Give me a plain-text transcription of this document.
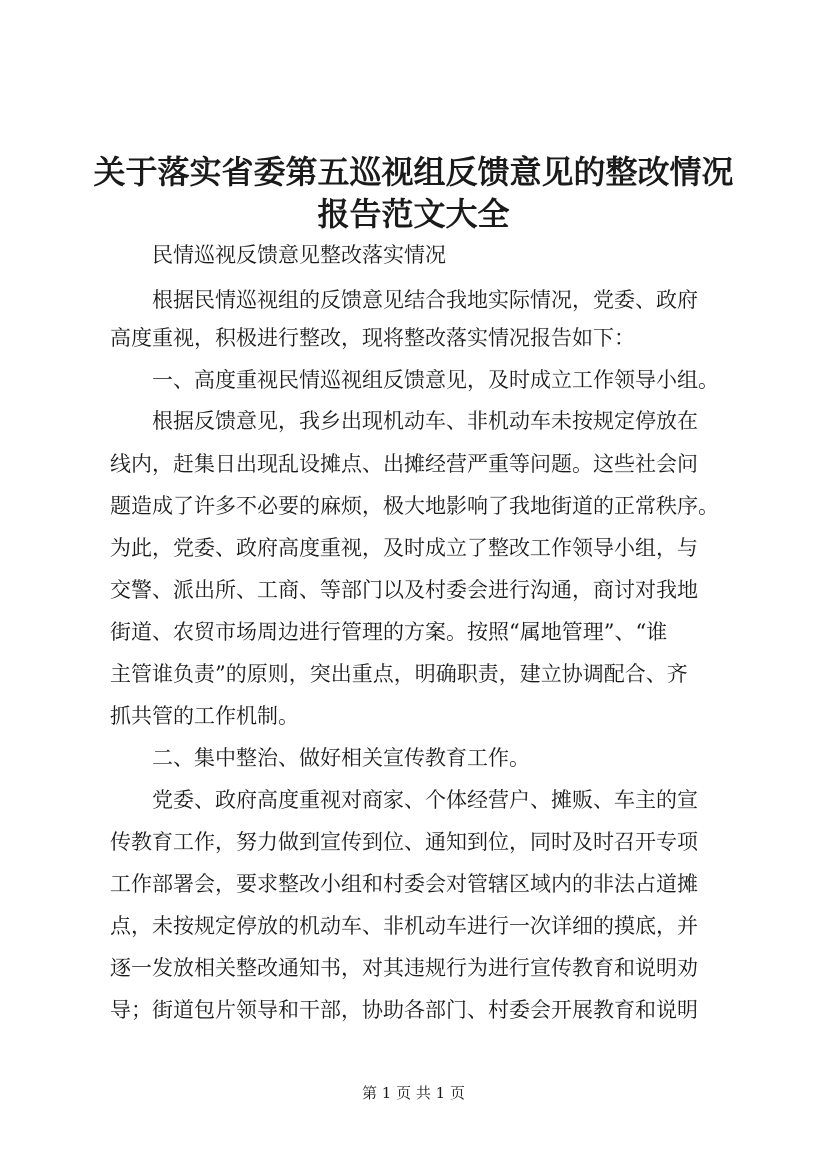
关于落实省委第五巡视组反馈意见的整改情况
报告范文大全
民情巡视反馈意见整改落实情况
根据民情巡视组的反馈意见结合我地实际情况，党委、政府
高度重视，积极进行整改，现将整改落实情况报告如下：
一、高度重视民情巡视组反馈意见，及时成立工作领导小组。
根据反馈意见，我乡出现机动车、非机动车未按规定停放在
线内，赶集日出现乱设摊点、出摊经营严重等问题。这些社会问
题造成了许多不必要的麻烦，极大地影响了我地街道的正常秩序。
为此，党委、政府高度重视，及时成立了整改工作领导小组，与
交警、派出所、工商、等部门以及村委会进行沟通，商讨对我地
街道、农贸市场周边进行管理的方案。按照“属地管理”、“谁
主管谁负责”的原则，突出重点，明确职责，建立协调配合、齐
抓共管的工作机制。
二、集中整治、做好相关宣传教育工作。
党委、政府高度重视对商家、个体经营户、摊贩、车主的宣
传教育工作，努力做到宣传到位、通知到位，同时及时召开专项
工作部署会，要求整改小组和村委会对管辖区域内的非法占道摊
点，未按规定停放的机动车、非机动车进行一次详细的摸底，并
逐一发放相关整改通知书，对其违规行为进行宣传教育和说明劝
导；街道包片领导和干部，协助各部门、村委会开展教育和说明
第 1 页 共 1 页
